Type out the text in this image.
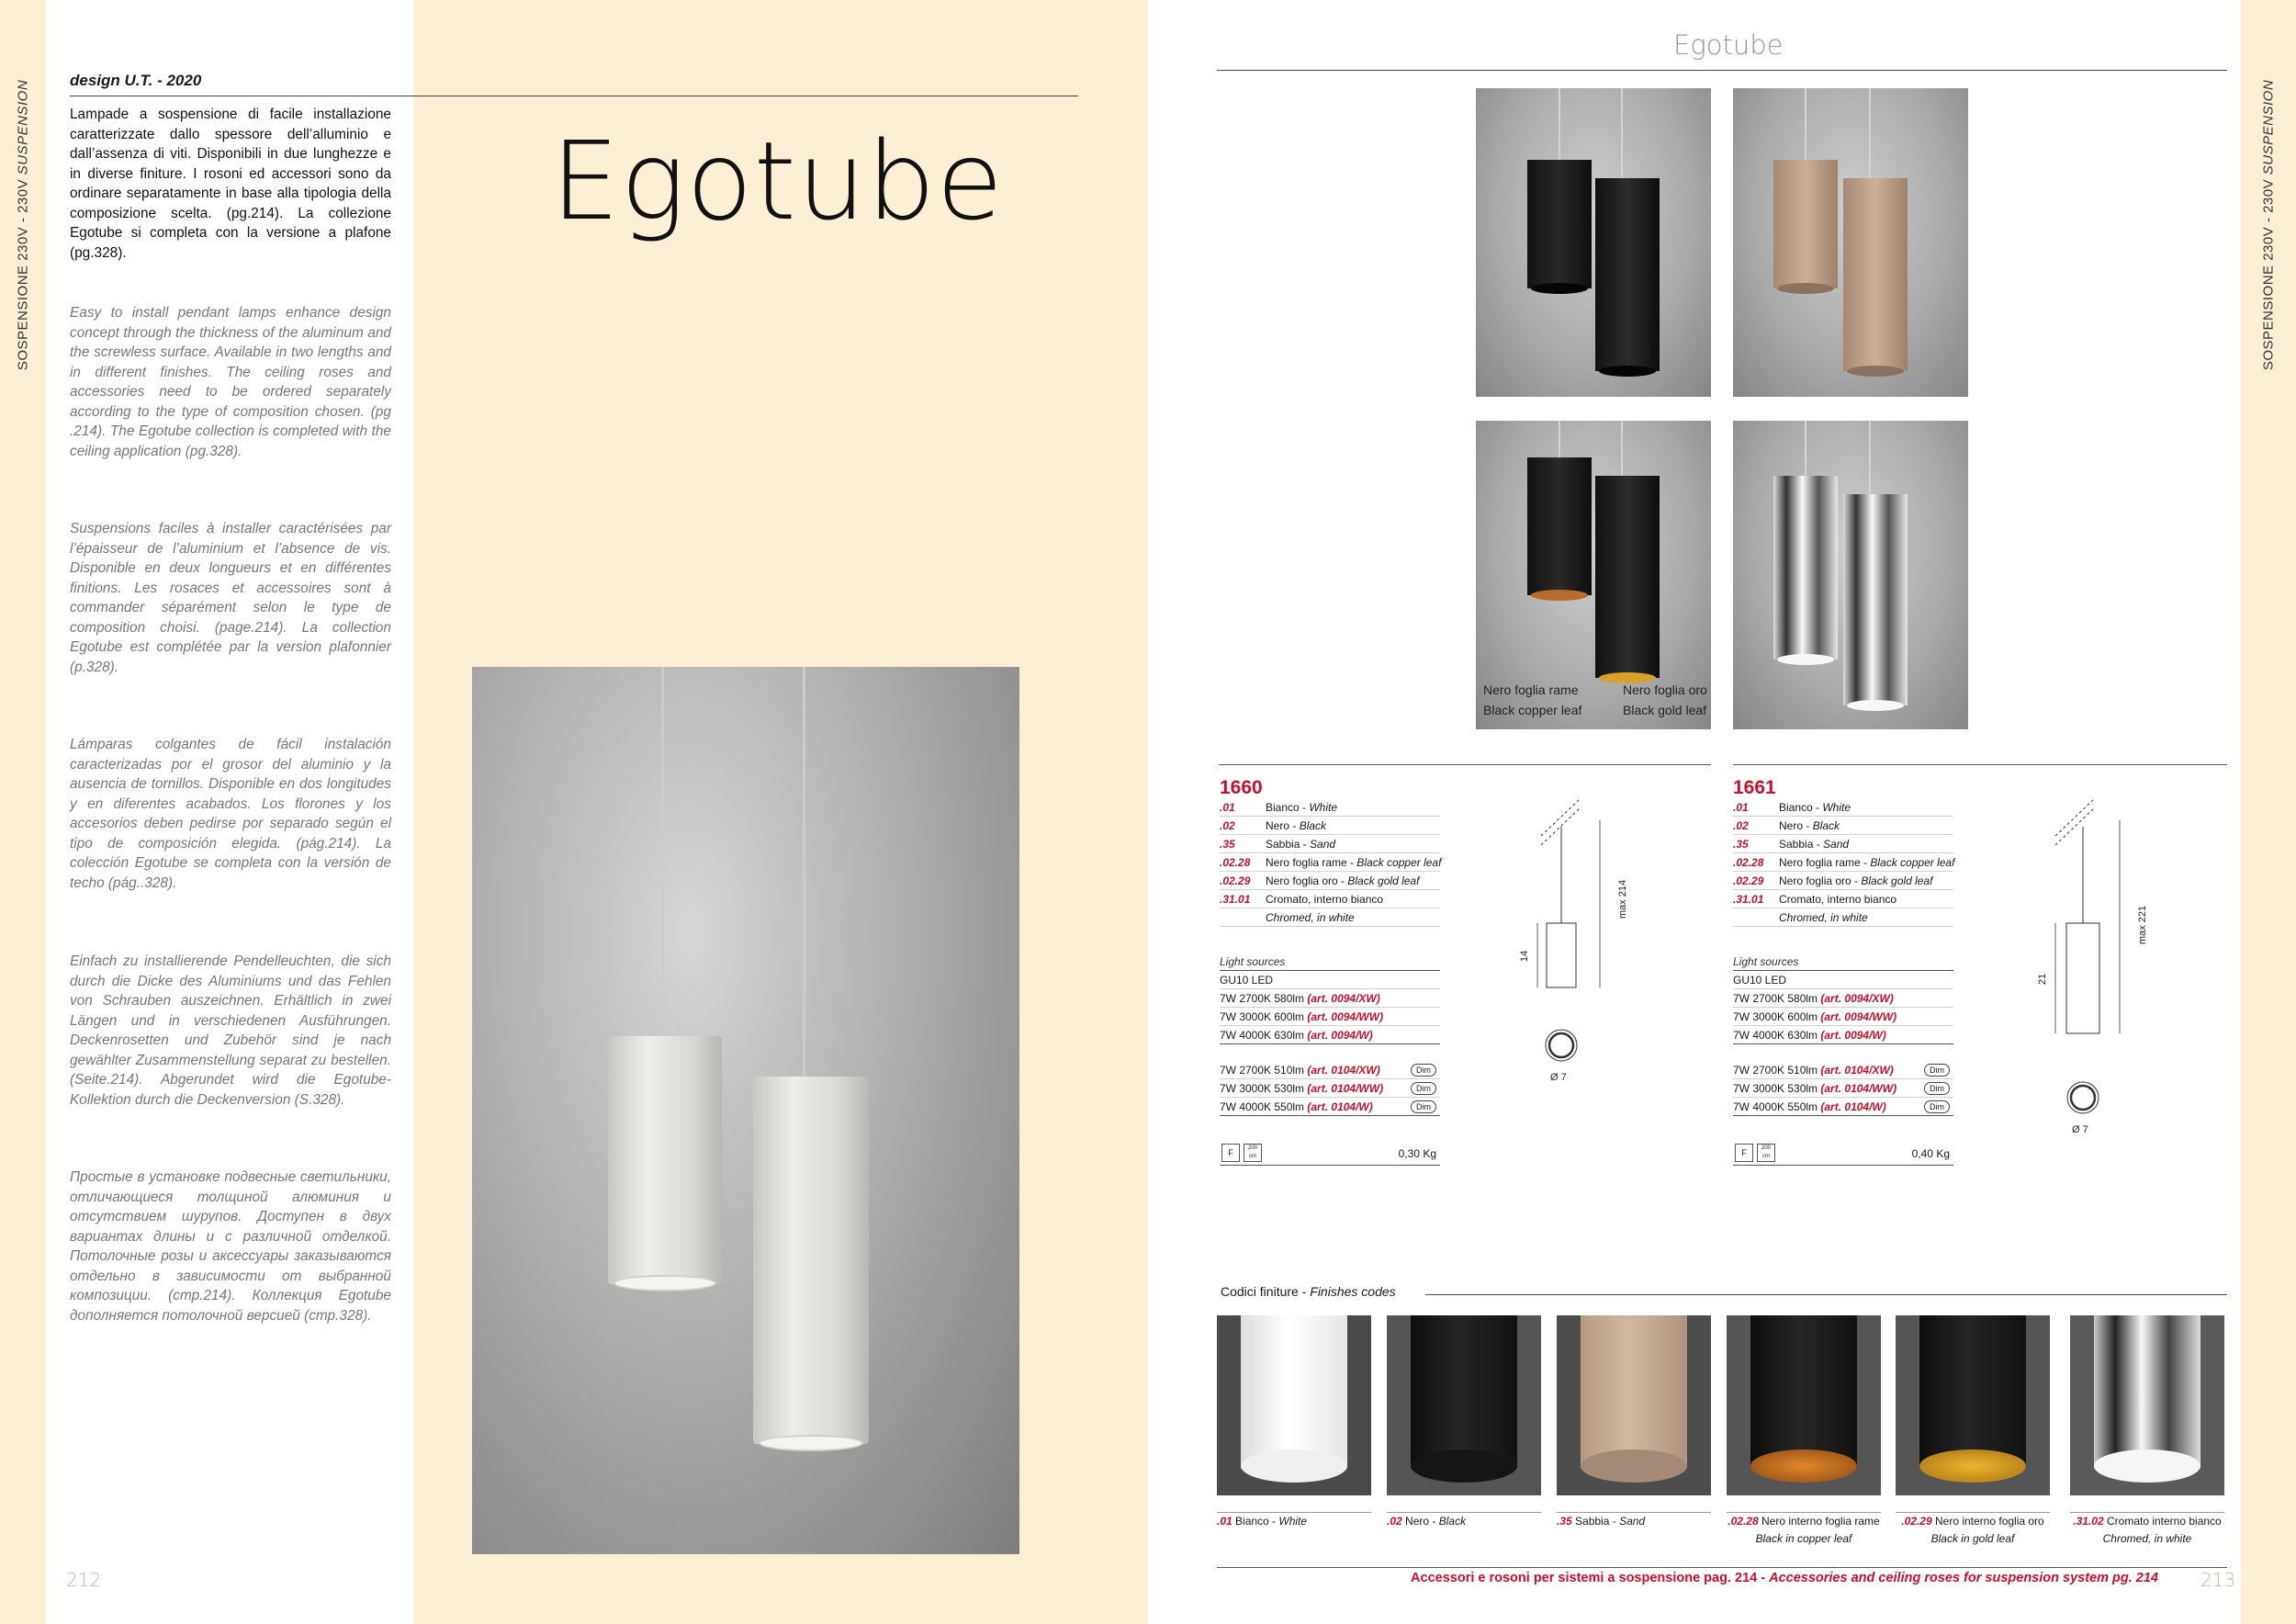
SOSPENSIONE 230V - 230V SUSPENSION	design U.T. - 2020
Egotube
Lampade a sospensione di facile installazione caratterizzate dallo spessore dell’alluminio e dall’assenza di viti. Disponibili in due lunghezze e in diverse finiture. I rosoni ed accessori sono da ordinare separatamente in base alla tipologia della composizione scelta. (pg.214). La collezione Egotube si completa con la versione a plafone (pg.328).
Easy to install pendant lamps enhance design concept through the thickness of the aluminum and the screwless surface. Available in two lengths and in different finishes. The ceiling roses and accessories need to be ordered separately according to the type of composition chosen. (pg .214). The Egotube collection is completed with the ceiling application (pg.328).
Suspensions faciles à installer caractérisées par l’épaisseur de l’aluminium et l’absence de vis. Disponible en deux longueurs et en différentes finitions. Les rosaces et accessoires sont à commander séparément selon le type de composition choisi. (page.214). La collection Egotube est complétée par la version plafonnier (p.328).
Lámparas colgantes de fácil instalación caracterizadas por el grosor del aluminio y la ausencia de tornillos. Disponible en dos longitudes y en diferentes acabados. Los florones y los accesorios deben pedirse por separado según el tipo de composición elegida. (pág.214). La colección Egotube se completa con la versión de techo (pág..328).
Einfach zu installierende Pendelleuchten, die sich durch die Dicke des Aluminiums und das Fehlen von Schrauben auszeichnen. Erhältlich in zwei Längen und in verschiedenen Ausführungen. Deckenrosetten und Zubehör sind je nach gewählter Zusammenstellung separat zu bestellen. (Seite.214). Abgerundet wird die Egotube-Kollektion durch die Deckenversion (S.328).
Простые в установке подвесные светильники, отличающиеся толщиной алюминия и отсутствием шурупов. Доступен в двух вариантах длины и с различной отделкой. Потолочные розы и аксессуары заказываются отдельно в зависимости от выбранной композиции. (стр.214). Коллекция Egotube дополняется потолочной версией (стр.328).
212
SOSPENSIONE 230V - 230V SUSPENSION
Egotube
Nero foglia rame
Black copper leaf
Nero foglia oro
Black gold leaf
1660
.01	Bianco - White
.02	Nero - Black
.35	Sabbia - Sand
.02.28 Nero foglia rame - Black copper leaf
.02.29 Nero foglia oro - Black gold leaf
.31.01 Cromato, interno bianco
Chromed, in white
Light sources
GU10 LED
7W 2700K 580lm (art. 0094/XW)
7W 3000K 600lm (art. 0094/WW)
7W 4000K 630lm (art. 0094/W)
7W 2700K 510lm (art. 0104/XW)	Dim
7W 3000K 530lm (art. 0104/WW)	Dim
7W 4000K 550lm (art. 0104/W)	Dim
F	200 cm	0,30 Kg
max 214
14
Ø 7
1661
.01	Bianco - White
.02	Nero - Black
.35	Sabbia - Sand
.02.28 Nero foglia rame - Black copper leaf
.02.29 Nero foglia oro - Black gold leaf
.31.01 Cromato, interno bianco
Chromed, in white
Light sources
GU10 LED
7W 2700K 580lm (art. 0094/XW)
7W 3000K 600lm (art. 0094/WW)
7W 4000K 630lm (art. 0094/W)
7W 2700K 510lm (art. 0104/XW)	Dim
7W 3000K 530lm (art. 0104/WW)	Dim
7W 4000K 550lm (art. 0104/W)	Dim
F	200 cm	0,40 Kg
max 221
21
Ø 7
Codici finiture - Finishes codes
.01 Bianco - White	.02 Nero - Black	.35 Sabbia - Sand	.02.28 Nero interno foglia rame
Black in copper leaf
.02.29 Nero interno foglia oro
Black in gold leaf
.31.02 Cromato interno bianco
Chromed, in white
Accessori e rosoni per sistemi a sospensione pag. 214 - Accessories and ceiling roses for suspension system pg. 214 213
